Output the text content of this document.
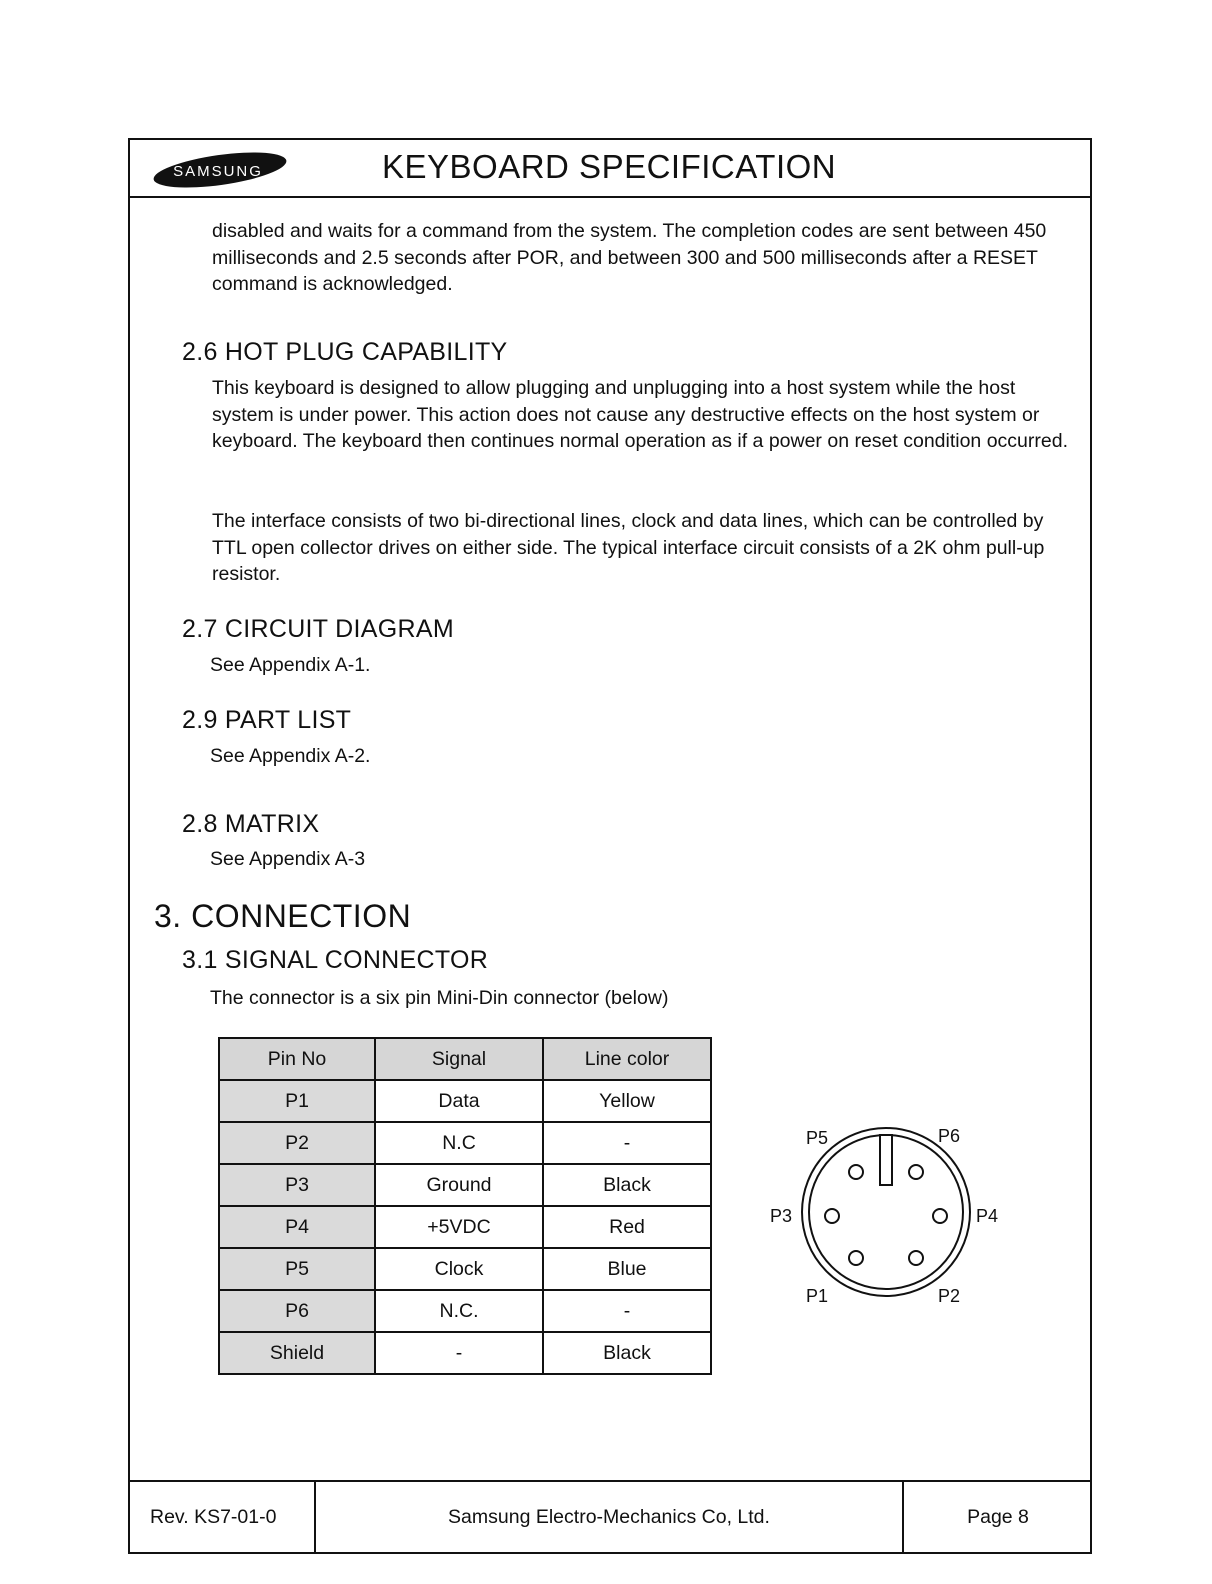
SAMSUNG	KEYBOARD SPECIFICATION

disabled and waits for a command from the system. The completion codes are sent between 450 milliseconds and 2.5 seconds after POR, and between 300 and 500 milliseconds after a RESET command is acknowledged.

2.6 HOT PLUG CAPABILITY

This keyboard is designed to allow plugging and unplugging into a host system while the host system is under power. This action does not cause any destructive effects on the host system or keyboard. The keyboard then continues normal operation as if a power on reset condition occurred.

The interface consists of two bi-directional lines, clock and data lines, which can be controlled by TTL open collector drives on either side. The typical interface circuit consists of a 2K ohm pull-up resistor.

2.7 CIRCUIT DIAGRAM

See Appendix A-1.

2.9 PART LIST

See Appendix A-2.

2.8 MATRIX

See Appendix A-3

3. CONNECTION
3.1 SIGNAL CONNECTOR

The connector is a six pin Mini-Din connector (below)

Pin No	Signal	Line color
P1	Data	Yellow
P2	N.C	-
P3	Ground	Black
P4	+5VDC	Red
P5	Clock	Blue
P6	N.C.	-
Shield	-	Black
P5	P6
P3	P4
P1	P2
Rev. KS7-01-0	Samsung Electro-Mechanics Co, Ltd.	Page 8
